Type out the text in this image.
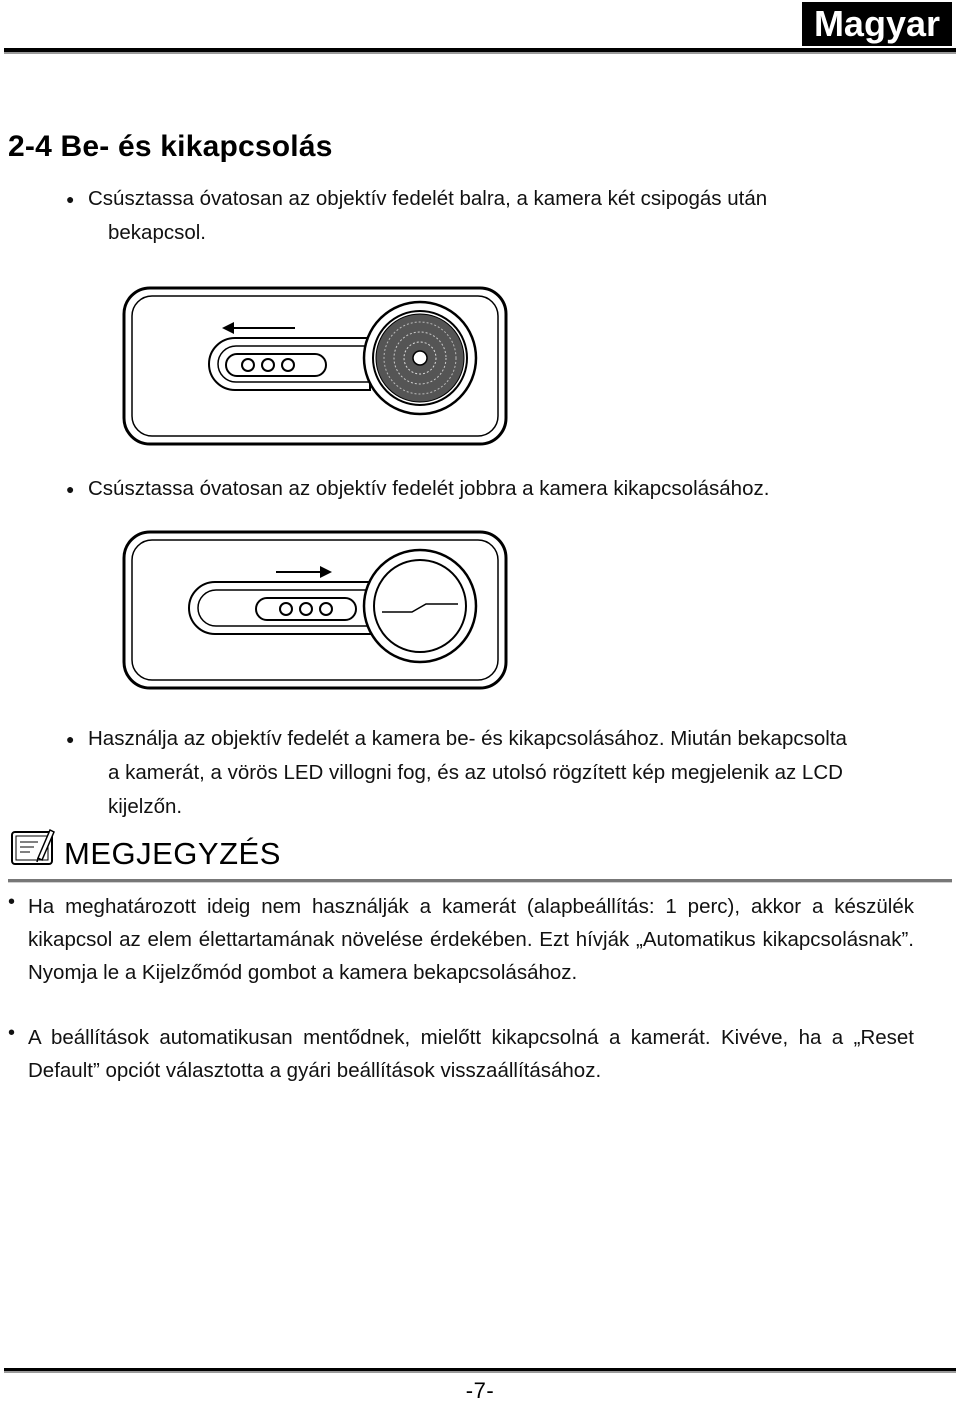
Magyar
2-4 Be- és kikapcsolás
● Csúsztassa óvatosan az objektív fedelét balra, a kamera két csipogás után
bekapcsol.
● Csúsztassa óvatosan az objektív fedelét jobbra a kamera kikapcsolásához.
● Használja az objektív fedelét a kamera be- és kikapcsolásához. Miután bekapcsolta
a kamerát, a vörös LED villogni fog, és az utolsó rögzített kép megjelenik az LCD
kijelzőn.
MEGJEGYZÉS
• Ha meghatározott ideig nem használják a kamerát (alapbeállítás: 1 perc), akkor a készülék kikapcsol az elem élettartamának növelése érdekében. Ezt hívják „Automatikus kikapcsolásnak”. Nyomja le a Kijelzőmód gombot a kamera bekapcsolásához.
• A beállítások automatikusan mentődnek, mielőtt kikapcsolná a kamerát. Kivéve, ha a „Reset Default” opciót választotta a gyári beállítások visszaállításához.
-7-
